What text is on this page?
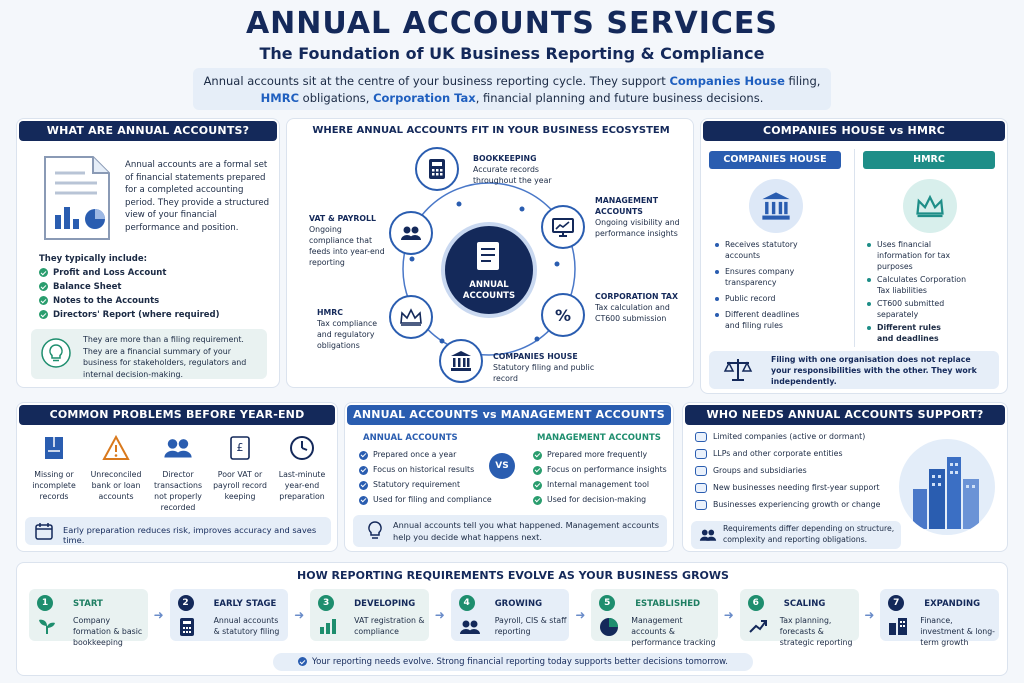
ANNUAL ACCOUNTS SERVICES
The Foundation of UK Business Reporting & Compliance
Annual accounts sit at the centre of your business reporting cycle. They support Companies House filing,
HMRC obligations, Corporation Tax, financial planning and future business decisions.
WHAT ARE ANNUAL ACCOUNTS?
Annual accounts are a formal set of financial statements prepared for a completed accounting period. They provide a structured view of your financial performance and position.
They typically include:
Profit and Loss Account
Balance Sheet
Notes to the Accounts
Directors' Report (where required)
They are more than a filing requirement. They are a financial summary of your business for stakeholders, regulators and internal decision-making.
WHERE ANNUAL ACCOUNTS FIT IN YOUR BUSINESS ECOSYSTEM
ANNUAL ACCOUNTS
BOOKKEEPING
Accurate records throughout the year
MANAGEMENT ACCOUNTS
Ongoing visibility and performance insights
%
CORPORATION TAX
Tax calculation and CT600 submission
COMPANIES HOUSE
Statutory filing and public record
HMRC
Tax compliance and regulatory obligations
VAT & PAYROLL
Ongoing compliance that feeds into year-end reporting
COMPANIES HOUSE vs HMRC
COMPANIES HOUSE	HMRC
Receives statutory accounts
Ensures company transparency
Public record
Different deadlines and filing rules
Uses financial information for tax purposes
Calculates Corporation Tax liabilities
CT600 submitted separately
Different rules and deadlines
Filing with one organisation does not replace your responsibilities with the other. They work independently.
COMMON PROBLEMS BEFORE YEAR-END
Missing or incomplete records
Unreconciled bank or loan accounts
Director transactions not properly recorded
£
Poor VAT or payroll record keeping
Last-minute year-end preparation
Early preparation reduces risk, improves accuracy and saves time.
ANNUAL ACCOUNTS vs MANAGEMENT ACCOUNTS
ANNUAL ACCOUNTS	MANAGEMENT ACCOUNTS
Prepared once a year
Focus on historical results
Statutory requirement
Used for filing and compliance
VS
Prepared more frequently
Focus on performance insights
Internal management tool
Used for decision-making
Annual accounts tell you what happened. Management accounts help you decide what happens next.
WHO NEEDS ANNUAL ACCOUNTS SUPPORT?
Limited companies (active or dormant)
LLPs and other corporate entities
Groups and subsidiaries
New businesses needing first-year support
Businesses experiencing growth or change
Requirements differ depending on structure, complexity and reporting obligations.
HOW REPORTING REQUIREMENTS EVOLVE AS YOUR BUSINESS GROWS
1	START
Company formation & basic bookkeeping
➜
2	EARLY STAGE
Annual accounts & statutory filing
➜
3	DEVELOPING
VAT registration & compliance
➜
4	GROWING
Payroll, CIS & staff reporting
➜
5	ESTABLISHED
Management accounts & performance tracking
➜
6	SCALING
Tax planning, forecasts & strategic reporting
➜
7	EXPANDING
Finance, investment & long-term growth
Your reporting needs evolve. Strong financial reporting today supports better decisions tomorrow.
